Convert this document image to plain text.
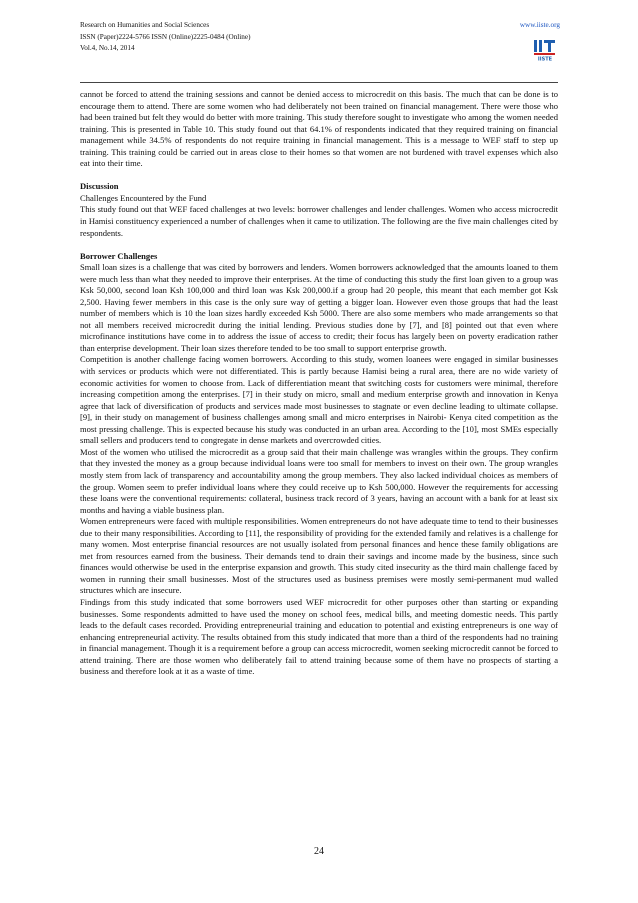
Research on Humanities and Social Sciences
ISSN (Paper)2224-5766 ISSN (Online)2225-0484 (Online)
Vol.4, No.14, 2014
www.iiste.org
IISTE

cannot be forced to attend the training sessions and cannot be denied access to microcredit on this basis. The much that can be done is to encourage them to attend. There are some women who had deliberately not been trained on financial management. There were those who had been trained but felt they would do better with more training. This study therefore sought to investigate who among the women needed training. This is presented in Table 10. This study found out that 64.1% of respondents indicated that they required training on financial management while 34.5% of respondents do not require training in financial management. This is a message to WEF staff to step up training. This training could be carried out in areas close to their homes so that women are not burdened with travel expenses which also eat into their time.

Discussion

Challenges Encountered by the Fund

This study found out that WEF faced challenges at two levels: borrower challenges and lender challenges. Women who access microcredit in Hamisi constituency experienced a number of challenges when it came to utilization. The following are the five main challenges cited by respondents.

Borrower Challenges

Small loan sizes is a challenge that was cited by borrowers and lenders. Women borrowers acknowledged that the amounts loaned to them were much less than what they needed to improve their enterprises. At the time of conducting this study the first loan given to a group was Ksk 50,000, second loan Ksh 100,000 and third loan was Ksk 200,000.if a group had 20 people, this meant that each member got Ksk 2,500. Having fewer members in this case is the only sure way of getting a bigger loan. However even those groups that had the least number of members which is 10 the loan sizes hardly exceeded Ksh 5000. There are also some members who made arrangements so that not all members received microcredit during the initial lending. Previous studies done by [7], and [8] pointed out that even where microfinance institutions have come in to address the issue of access to credit; their focus has largely been on poverty eradication rather than enterprise development. Their loan sizes therefore tended to be too small to support enterprise growth.

Competition is another challenge facing women borrowers. According to this study, women loanees were engaged in similar businesses with services or products which were not differentiated. This is partly because Hamisi being a rural area, there are no wide variety of economic activities for women to choose from. Lack of differentiation meant that switching costs for customers were minimal, therefore increasing competition among the enterprises. [7] in their study on micro, small and medium enterprise growth and innovation in Kenya agree that lack of diversification of products and services made most businesses to stagnate or even decline leading to ultimate collapse. [9], in their study on management of business challenges among small and micro enterprises in Nairobi- Kenya cited competition as the most pressing challenge. This is expected because his study was conducted in an urban area. According to the [10], most SMEs especially small sellers and producers tend to congregate in dense markets and overcrowded cities.

Most of the women who utilised the microcredit as a group said that their main challenge was wrangles within the groups. They confirm that they invested the money as a group because individual loans were too small for members to invest on their own. The group wrangles mostly stem from lack of transparency and accountability among the group members. They also lacked individual choices as members of the group. Women seem to prefer individual loans where they could receive up to Ksh 500,000. However the requirements for accessing these loans were the conventional requirements: collateral, business track record of 3 years, having an account with a bank for at least six months and having a viable business plan.

Women entrepreneurs were faced with multiple responsibilities. Women entrepreneurs do not have adequate time to tend to their businesses due to their many responsibilities. According to [11], the responsibility of providing for the extended family and relatives is a challenge for many women. Most enterprise financial resources are not usually isolated from personal finances and hence these family obligations are met from resources earned from the business. Their demands tend to drain their savings and income made by the business, since such finances would otherwise be used in the enterprise expansion and growth. This study cited insecurity as the third main challenge faced by women in running their small businesses. Most of the structures used as business premises were mostly semi-permanent mud walled structures which are insecure.

Findings from this study indicated that some borrowers used WEF microcredit for other purposes other than starting or expanding businesses. Some respondents admitted to have used the money on school fees, medical bills, and meeting domestic needs. This partly leads to the default cases recorded. Providing entrepreneurial training and education to potential and existing entrepreneurs is one way of enhancing entrepreneurial activity. The results obtained from this study indicated that more than a third of the respondents had no training in financial management. Though it is a requirement before a group can access microcredit, women seeking microcredit cannot be forced to attend training. There are those women who deliberately fail to attend training because some of them have no prospects of starting a business and therefore look at it as a waste of time.

24
